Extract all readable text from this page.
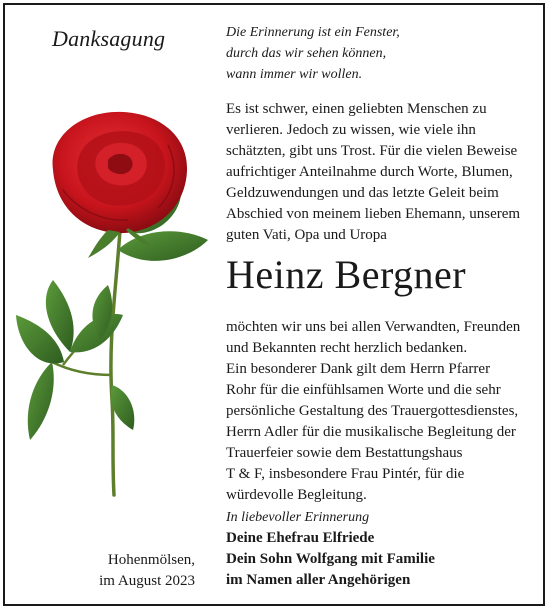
Danksagung	Die Erinnerung ist ein Fenster,
durch das wir sehen können,
wann immer wir wollen.
Es ist schwer, einen geliebten Menschen zu
verlieren. Jedoch zu wissen, wie viele ihn
schätzten, gibt uns Trost. Für die vielen Beweise
aufrichtiger Anteilnahme durch Worte, Blumen,
Geldzuwendungen und das letzte Geleit beim
Abschied von meinem lieben Ehemann, unserem
guten Vati, Opa und Uropa
Heinz Bergner
möchten wir uns bei allen Verwandten, Freunden
und Bekannten recht herzlich bedanken.
Ein besonderer Dank gilt dem Herrn Pfarrer
Rohr für die einfühlsamen Worte und die sehr
persönliche Gestaltung des Trauergottesdienstes,
Herrn Adler für die musikalische Begleitung der
Trauerfeier sowie dem Bestattungshaus
T & F, insbesondere Frau Pintér, für die
würdevolle Begleitung.
In liebevoller Erinnerung
Deine Ehefrau Elfriede
Dein Sohn Wolfgang mit Familie
im Namen aller Angehörigen
Hohenmölsen,
im August 2023
